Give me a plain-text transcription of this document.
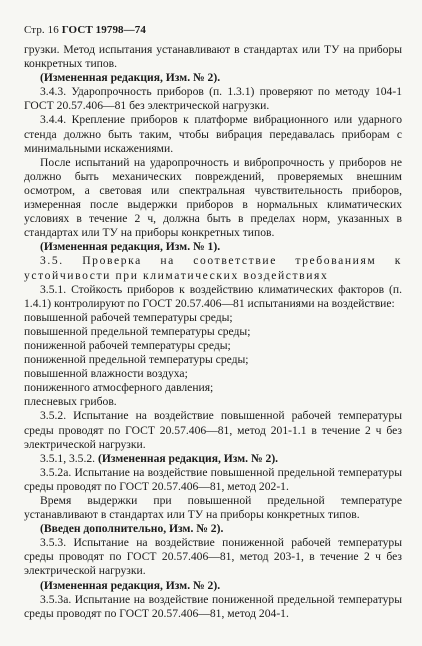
Стр. 16 ГОСТ 19798—74

грузки. Метод испытания устанавливают в стандартах или ТУ на приборы конкретных типов.

(Измененная редакция, Изм. № 2).

3.4.3. Ударопрочность приборов (п. 1.3.1) проверяют по методу 104-1 ГОСТ 20.57.406—81 без электрической нагрузки.

3.4.4. Крепление приборов к платформе вибрационного или ударного стенда должно быть таким, чтобы вибрация передавалась приборам с минимальными искажениями.

После испытаний на ударопрочность и вибропрочность у приборов не должно быть механических повреждений, проверяемых внешним осмотром, а световая или спектральная чувствительность приборов, измеренная после выдержки приборов в нормальных климатических условиях в течение 2 ч, должна быть в пределах норм, указанных в стандартах или ТУ на приборы конкретных типов.

(Измененная редакция, Изм. № 1).

3.5. Проверка на соответствие требованиям к устойчивости при климатических воздействиях

3.5.1. Стойкость приборов к воздействию климатических факторов (п. 1.4.1) контролируют по ГОСТ 20.57.406—81 испытаниями на воздействие:

повышенной рабочей температуры среды;

повышенной предельной температуры среды;

пониженной рабочей температуры среды;

пониженной предельной температуры среды;

повышенной влажности воздуха;

пониженного атмосферного давления;

плесневых грибов.

3.5.2. Испытание на воздействие повышенной рабочей температуры среды проводят по ГОСТ 20.57.406—81, метод 201-1.1 в течение 2 ч без электрической нагрузки.

3.5.1, 3.5.2. (Измененная редакция, Изм. № 2).

3.5.2а. Испытание на воздействие повышенной предельной температуры среды проводят по ГОСТ 20.57.406—81, метод 202-1.

Время выдержки при повышенной предельной температуре устанавливают в стандартах или ТУ на приборы конкретных типов.

(Введен дополнительно, Изм. № 2).

3.5.3. Испытание на воздействие пониженной рабочей температуры среды проводят по ГОСТ 20.57.406—81, метод 203-1, в течение 2 ч без электрической нагрузки.

(Измененная редакция, Изм. № 2).

3.5.3а. Испытание на воздействие пониженной предельной температуры среды проводят по ГОСТ 20.57.406—81, метод 204-1.
